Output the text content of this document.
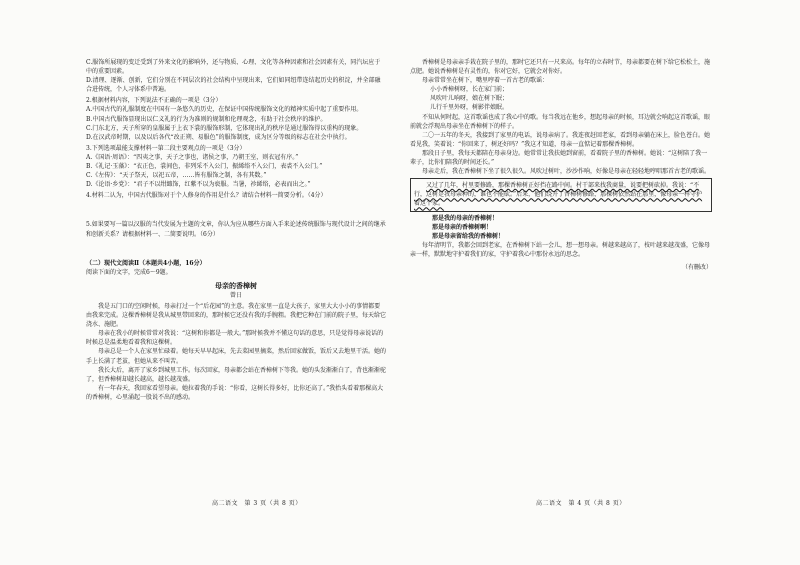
C.服饰所展现的变迁受到了外来文化的影响外，还与物质、心理、文化等各种因素和社会因素有关，同汽坛应于中的重要因素。

D.清理、逐渐、创新，它们分别在不同层次的社会结构中呈现出来，它们如同纽带连结起历史的积淀，并全部融合进传统，个人习体系中普遍。

2.根据材料内容，下列说法不正确的一项是（3分）

A.中国古代的礼服制度在中国有一条悠久的历史，在保证中国传统服饰文化的精神实质中起了重要作用。

B.中国古代服饰显现出以仁义礼的行为为准则的规制和伦理观念，有助于社会秩序的维护。

C.门东北方，天子所穿的皇服属于上衣下裳的服饰形制，它体现出礼的秩序是通过服饰得以重构的现象。

D.在汉武帝时期，以及以后各代“改正朔、易服色”的服饰制度，成为区分等级的标志在社会中执行。

3.下列选项最能支撑材料一第二段主要观点的一项是（3分）

A.《国语·周语》：“四夷之事，天子之事也，诸侯之事，乃朝王室，则衣冠有序。”

B.《礼记·玉藻》：“衣正色，裳间色，非列采不入公门，振絺绤不入公门，表裘不入公门。”

C.《左传》：“天子祭天，以祀五帝，……皆有服饰之制，各有其数。”

D.《论语·乡党》：“君子不以绀緅饰，红紫不以为亵服。当暑，袗絺绤，必表而出之。”

4.材料二认为，中国古代服饰对于个人修身的作用是什么？请结合材料一简要分析。（4分）

5.如果要写一篇以汉服的当代发展为主题的文章，你认为应从哪些方面入手来论述传统服饰与现代设计之间的继承和创新关系？请根据材料一、二简要说明。（6分）

（二）现代文阅读Ⅱ（本题共4小题，16分）

阅读下面的文字，完成6～9题。

母亲的香樟树

曾日

我是五门口的空闲时候，母亲打过一个“后花园”的主意。我在家里一直是大孩子，家里大大小小的事情都要由我来完成。这棵香樟树是我从城里带回来的，那时候它还没有我的手腕粗。我把它种在门前的院子里，每天给它浇水、施肥。

母亲在我小的时候常常对我说：“这树和你都是一般大。”那时候我并不懂这句话的意思，只是觉得母亲说话的时候总是温柔地看着我和这棵树。

母亲总是一个人在家里忙碌着。她每天早早起床，先去菜园里摘菜，然后回家做饭，饭后又去地里干活。她的手上长满了老茧，但她从来不叫苦。

我长大后，离开了家乡到城里工作。每次回家，母亲都会站在香樟树下等我。她的头发渐渐白了，背也渐渐驼了，但香樟树却越长越高，越长越茂盛。

有一年春天，我回家看望母亲。她拉着我的手说：“你看，这树长得多好，比你还高了。”我抬头看着那棵高大的香樟树，心里涌起一股说不出的感动。

高二语文　第 3 页（共 8 页）

香樟树是母亲亲手栽在院子里的，那时它还只有一尺来高。每年的立春时节，母亲都要在树下给它松松土，施点肥。她说香樟树是有灵性的，你对它好，它就会对你好。

母亲常常坐在树下，嘴里哼着一首古老的歌谣：

小小香樟树呀，长在家门前；

风吹叶儿响呀，娘在树下眠；

儿行千里外呀，树影伴娘眠。

不知从何时起，这首歌谣也成了我心中的歌。每当我远在他乡，想起母亲的时候，耳边就会响起这首歌谣，眼前就会浮现出母亲坐在香樟树下的样子。

二〇一五年的冬天，我接到了家里的电话，说母亲病了。我连夜赶回老家，看到母亲躺在床上，脸色苍白。她看见我，笑着说：“你回来了，树还好吗？”我这才知道，母亲一直惦记着那棵香樟树。

那段日子里，我每天都陪在母亲身边。她常常让我扶她到窗前，看着院子里的香樟树。她说：“这树陪了我一辈子，比你们陪我的时间还长。”

母亲走后，我在香樟树下坐了很久很久。风吹过树叶，沙沙作响，好像是母亲在轻轻地哼唱那首古老的歌谣。

又过了几年，村里要修路，那棵香樟树正好挡在路中间。村干部来找我商量，说要把树砍掉。我说：“不行，这树是我母亲种的，谁也不能砍。”后来，他们绕开了香樟树修路，那棵树依然站在那里，像母亲一样守护着这个家。

那是我的母亲的香樟树！

那是母亲的香樟树啊！

那是母亲留给我的香樟树！

每年清明节，我都会回到老家，在香樟树下站一会儿，想一想母亲。树越来越高了，枝叶越来越茂盛，它像母亲一样，默默地守护着我们的家，守护着我心中那份永远的思念。

（有删改）

高二语文　第 4 页（共 8 页）
